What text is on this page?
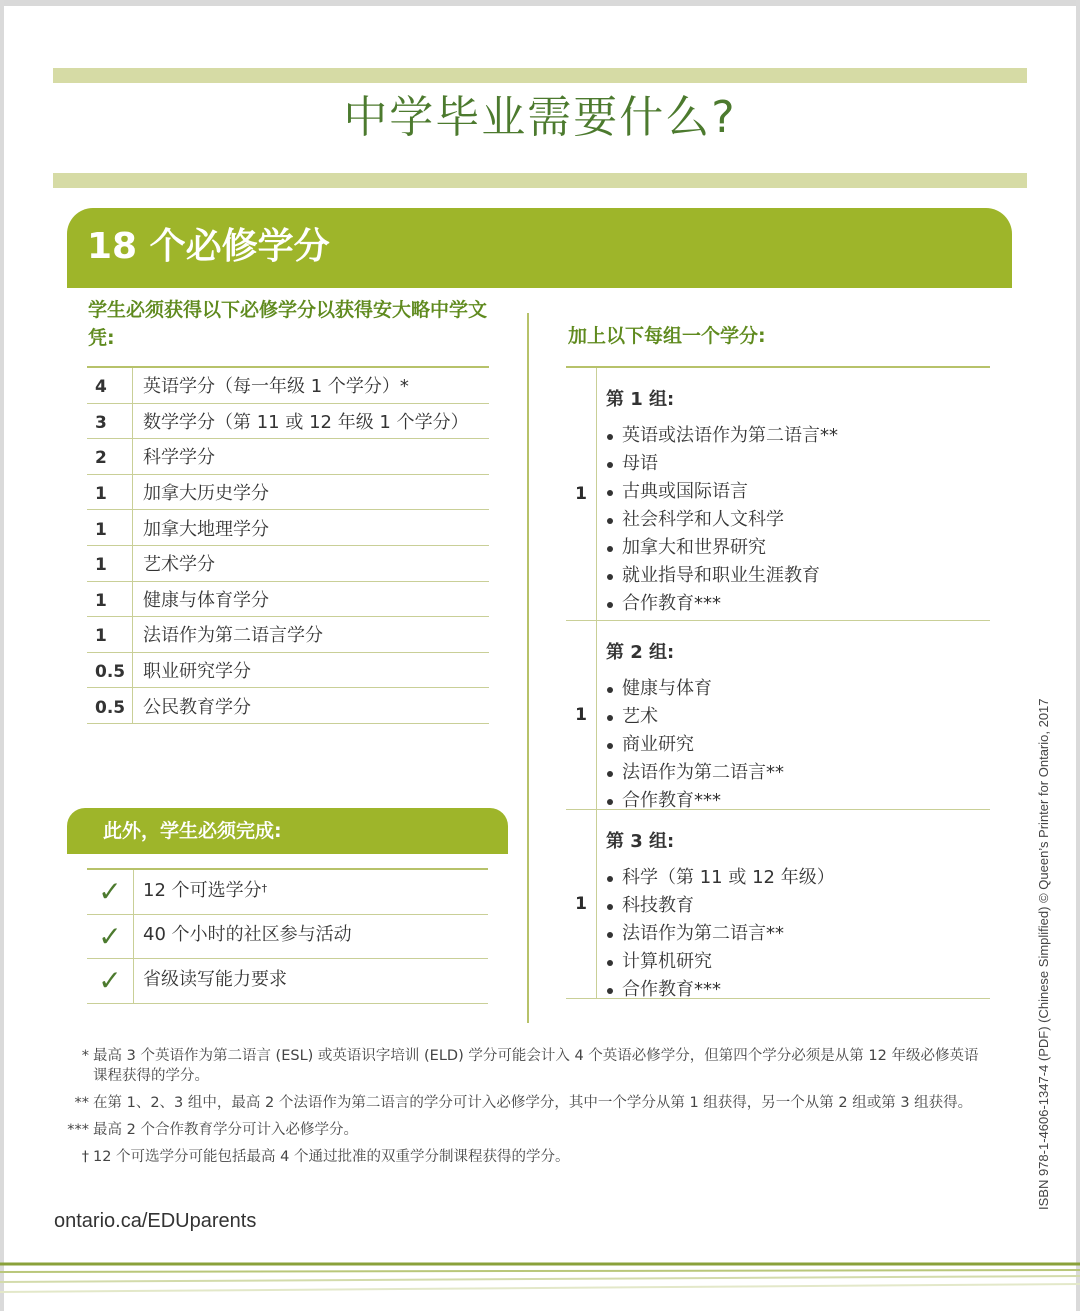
中学毕业需要什么?
18 个必修学分
学生必须获得以下必修学分以获得安大略中学文凭:	加上以下每组一个学分:
4	英语学分（每一年级 1 个学分）*
3	数学学分（第 11 或 12 年级 1 个学分）
2	科学学分
1	加拿大历史学分
1	加拿大地理学分
1	艺术学分
1	健康与体育学分
1	法语作为第二语言学分
0.5 职业研究学分
0.5 公民教育学分
1
第 1 组:
英语或法语作为第二语言**
母语
古典或国际语言
社会科学和人文科学
加拿大和世界研究
就业指导和职业生涯教育
合作教育***
1
第 2 组:
健康与体育
艺术
商业研究
法语作为第二语言**
合作教育***
1
第 3 组:
科学（第 11 或 12 年级）
科技教育
法语作为第二语言**
计算机研究
合作教育***
此外，学生必须完成:
✓	12 个可选学分 †
✓	40 个小时的社区参与活动
✓	省级读写能力要求
* 最高 3 个英语作为第二语言 (ESL) 或英语识字培训 (ELD) 学分可能会计入 4 个英语必修学分，但第四个学分必须是从第 12 年级必修英语课程获得的学分。
** 在第 1、2、3 组中，最高 2 个法语作为第二语言的学分可计入必修学分，其中一个学分从第 1 组获得，另一个从第 2 组或第 3 组获得。
*** 最高 2 个合作教育学分可计入必修学分。
† 12 个可选学分可能包括最高 4 个通过批准的双重学分制课程获得的学分。
ontario.ca/EDUparents
ISBN 978-1-4606-1347-4 (PDF) (Chinese Simplified) © Queen’s Printer for Ontario, 2017
